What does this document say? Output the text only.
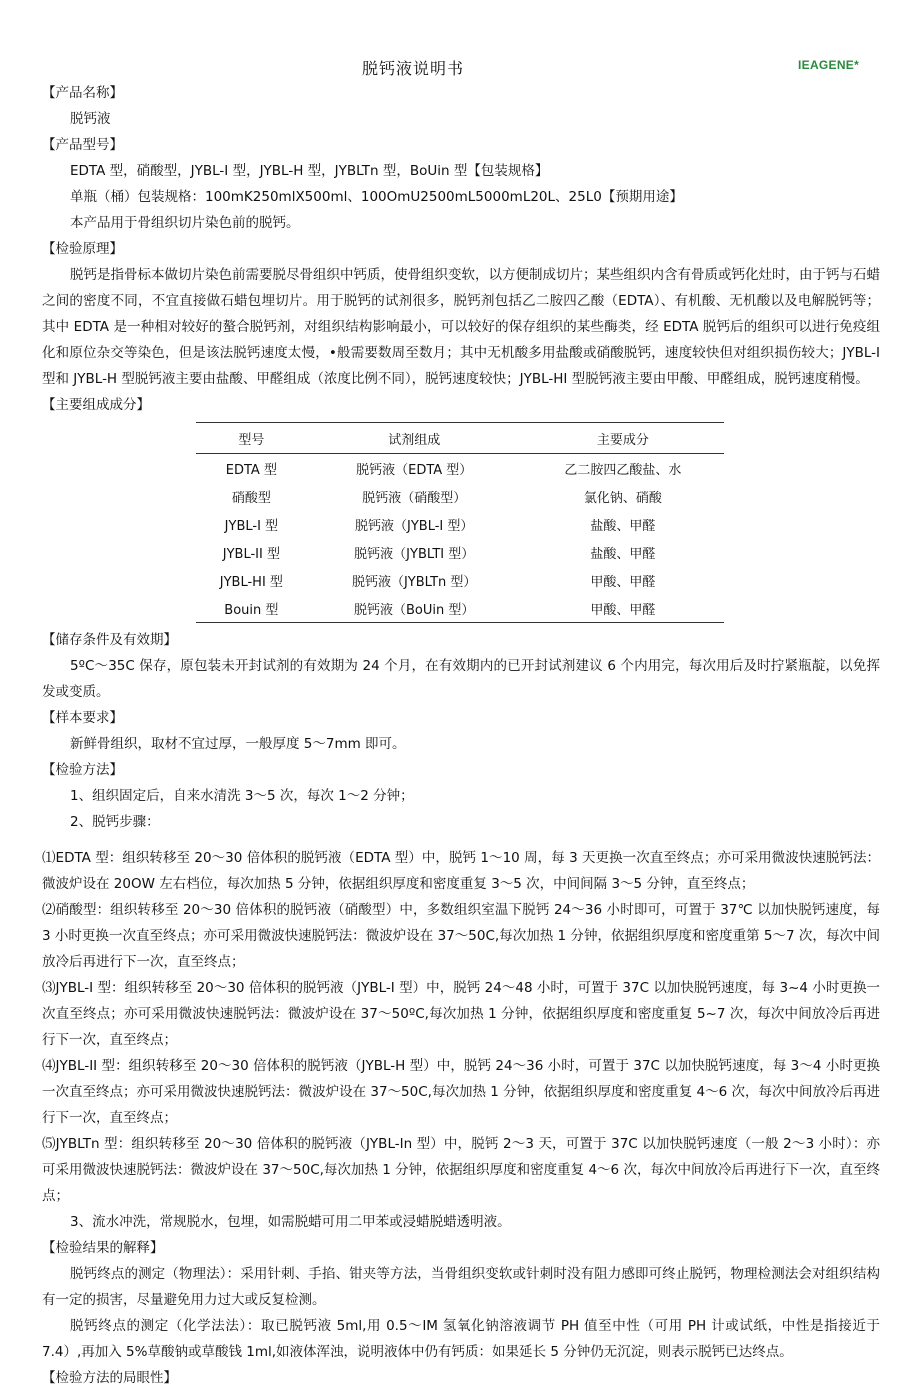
脱钙液说明书	IEAGENE*

【产品名称】

脱钙液

【产品型号】

EDTA 型，硝酸型，JYBL-I 型，JYBL-H 型，JYBLTn 型，BoUin 型【包装规格】

单瓶（桶）包装规格：100mK250mlX500ml、100OmU2500mL5000mL20L、25L0【预期用途】

本产品用于骨组织切片染色前的脱钙。

【检验原理】

脱钙是指骨标本做切片染色前需要脱尽骨组织中钙质，使骨组织变软，以方便制成切片；某些组织内含有骨质或钙化灶时，由于钙与石蜡之间的密度不同，不宜直接做石蜡包埋切片。用于脱钙的试剂很多，脱钙剂包括乙二胺四乙酸（EDTA）、有机酸、无机酸以及电解脱钙等；其中 EDTA 是一种相对较好的螯合脱钙剂，对组织结构影响最小，可以较好的保存组织的某些酶类，经 EDTA 脱钙后的组织可以进行免疫组化和原位杂交等染色，但是该法脱钙速度太慢，•般需要数周至数月；其中无机酸多用盐酸或硝酸脱钙，速度较快但对组织损伤较大；JYBL-I 型和 JYBL-H 型脱钙液主要由盐酸、甲醛组成（浓度比例不同），脱钙速度较快；JYBL-HI 型脱钙液主要由甲酸、甲醛组成，脱钙速度稍慢。

【主要组成成分】

型号	试剂组成	主要成分
EDTA 型	脱钙液（EDTA 型）	乙二胺四乙酸盐、水
硝酸型	脱钙液（硝酸型）	氯化钠、硝酸
JYBL-I 型	脱钙液（JYBL-I 型）	盐酸、甲醛
JYBL-II 型	脱钙液（JYBLTI 型）	盐酸、甲醛
JYBL-HI 型	脱钙液（JYBLTn 型）	甲酸、甲醛
Bouin 型	脱钙液（BoUin 型）	甲酸、甲醛

【储存条件及有效期】

5ºC～35C 保存，原包装未开封试剂的有效期为 24 个月，在有效期内的已开封试剂建议 6 个内用完，每次用后及时拧紧瓶靛，以免挥发或变质。

【样本要求】

新鲜骨组织，取材不宜过厚，一般厚度 5～7mm 即可。

【检验方法】

1、组织固定后，自来水清洗 3～5 次，每次 1～2 分钟；

2、脱钙步骤：

⑴EDTA 型：组织转移至 20～30 倍体积的脱钙液（EDTA 型）中，脱钙 1～10 周，每 3 天更换一次直至终点；亦可采用微波快速脱钙法：微波炉设在 20OW 左右档位，每次加热 5 分钟，依据组织厚度和密度重复 3～5 次，中间间隔 3～5 分钟，直至终点；

⑵硝酸型：组织转移至 20～30 倍体积的脱钙液（硝酸型）中，多数组织室温下脱钙 24～36 小时即可，可置于 37℃ 以加快脱钙速度，每 3 小时更换一次直至终点；亦可采用微波快速脱钙法：微波炉设在 37～50C,每次加热 1 分钟，依据组织厚度和密度重第 5～7 次，每次中间放冷后再进行下一次，直至终点；

⑶JYBL-I 型：组织转移至 20～30 倍体积的脱钙液（JYBL-I 型）中，脱钙 24～48 小时，可置于 37C 以加快脱钙速度，每 3~4 小时更换一次直至终点；亦可采用微波快速脱钙法：微波炉设在 37～50ºC,每次加热 1 分钟，依据组织厚度和密度重复 5~7 次，每次中间放冷后再进行下一次，直至终点；

⑷JYBL-II 型：组织转移至 20～30 倍体积的脱钙液（JYBL-H 型）中，脱钙 24～36 小时，可置于 37C 以加快脱钙速度，每 3～4 小时更换一次直至终点；亦可采用微波快速脱钙法：微波炉设在 37～50C,每次加热 1 分钟，依据组织厚度和密度重复 4～6 次，每次中间放冷后再进行下一次，直至终点；

⑸JYBLTn 型：组织转移至 20～30 倍体积的脱钙液（JYBL-In 型）中，脱钙 2～3 天，可置于 37C 以加快脱钙速度（一般 2～3 小时）：亦可采用微波快速脱钙法：微波炉设在 37～50C,每次加热 1 分钟，依据组织厚度和密度重复 4～6 次，每次中间放冷后再进行下一次，直至终点；

3、流水冲洗，常规脱水，包埋，如需脱蜡可用二甲苯或浸蜡脱蜡透明液。

【检验结果的解释】

脱钙终点的测定（物理法）：采用针刺、手掐、钳夹等方法，当骨组织变软或针刺时没有阻力感即可终止脱钙，物理检测法会对组织结构有一定的损害，尽量避免用力过大或反复检测。

脱钙终点的测定（化学法法）：取已脱钙液 5ml,用 0.5～IM 氢氧化钠溶液调节 PH 值至中性（可用 PH 计或试纸，中性是指接近于 7.4）,再加入 5%草酸钠或草酸钱 1ml,如液体浑浊，说明液体中仍有钙质：如果延长 5 分钟仍无沉淀，则表示脱钙已达终点。

【检验方法的局眼性】
